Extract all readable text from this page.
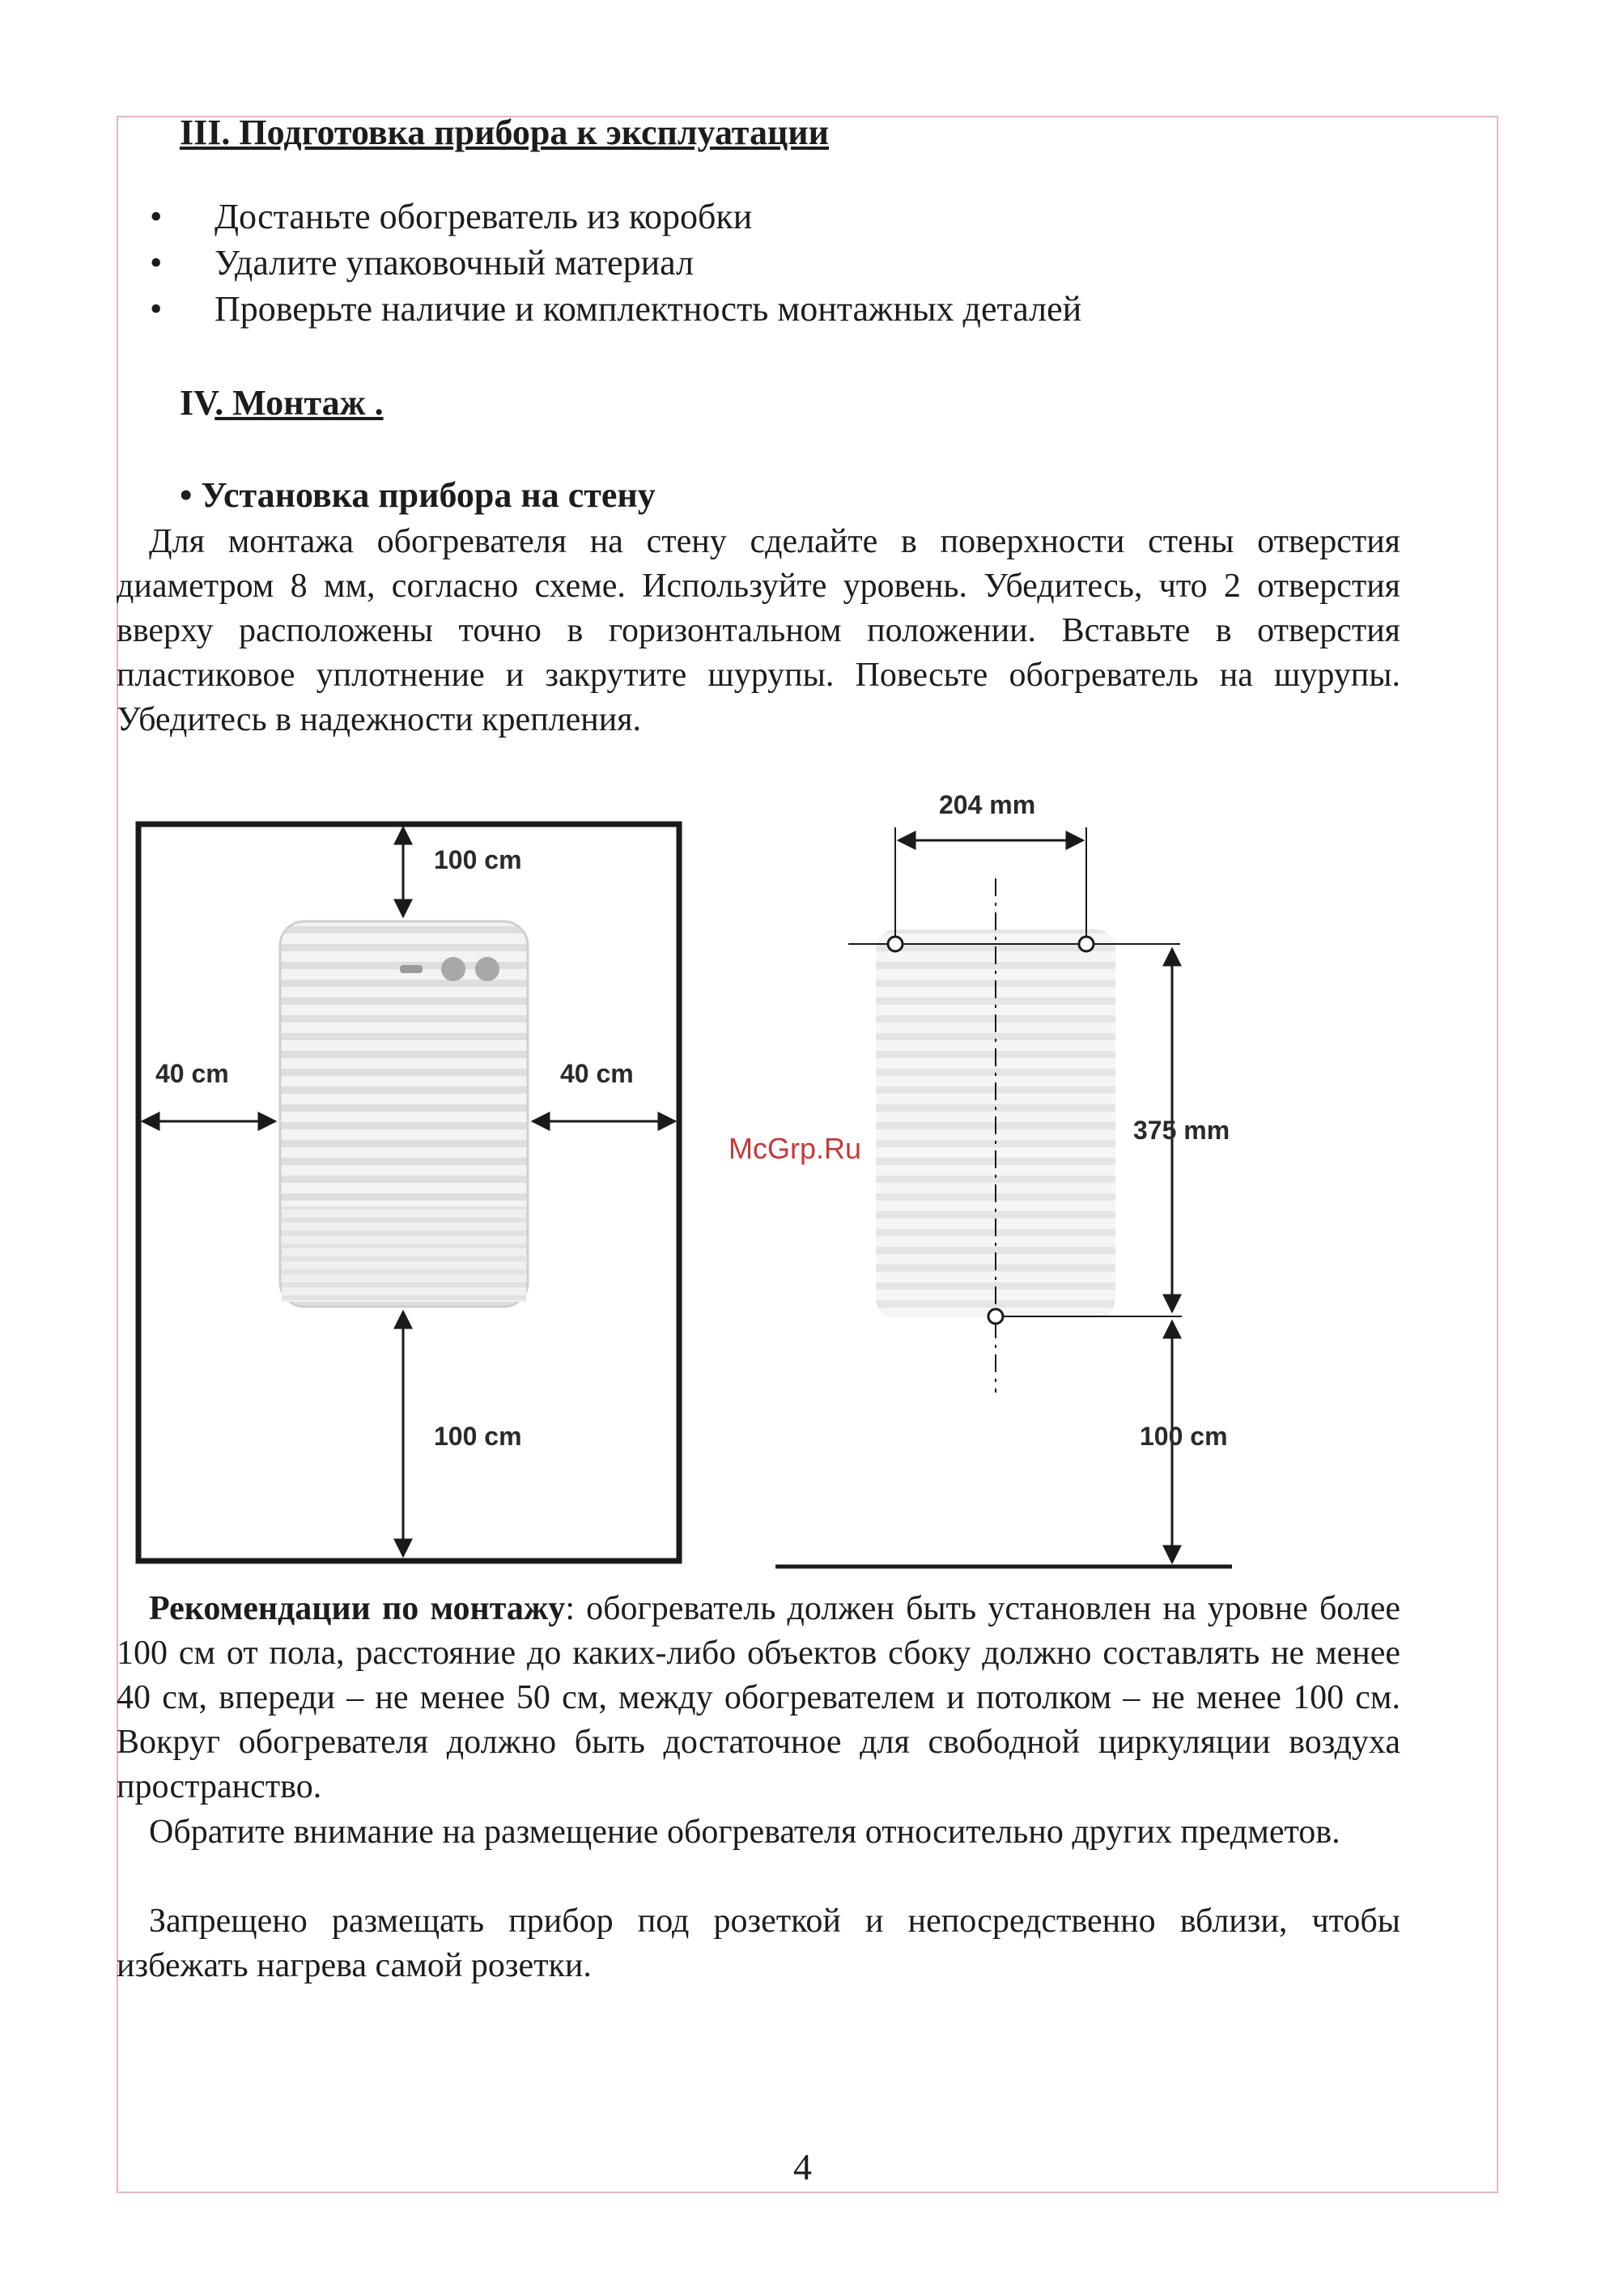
III. Подготовка прибора к эксплуатации
• Достаньте обогреватель из коробки
• Удалите упаковочный материал
• Проверьте наличие и комплектность монтажных деталей
IV. Монтаж .
• Установка прибора на стену
Для монтажа обогревателя на стену сделайте в поверхности стены отверстия диаметром 8 мм, согласно схеме. Используйте уровень. Убедитесь, что 2 отверстия вверху расположены точно в горизонтальном положении. Вставьте в отверстия пластиковое уплотнение и закрутите шурупы. Повесьте обогреватель на шурупы. Убедитесь в надежности крепления.
100 cm
40 cm	40 cm
100 cm
204 mm
375 mm
100 cm
McGrp.Ru
Рекомендации по монтажу: обогреватель должен быть установлен на уровне более 100 см от пола, расстояние до каких-либо объектов сбоку должно составлять не менее 40 см, впереди – не менее 50 см, между обогревателем и потолком – не менее 100 см. Вокруг обогревателя должно быть достаточное для свободной циркуляции воздуха пространство.
Обратите внимание на размещение обогревателя относительно других предметов.
Запрещено размещать прибор под розеткой и непосредственно вблизи, чтобы избежать нагрева самой розетки.
4
